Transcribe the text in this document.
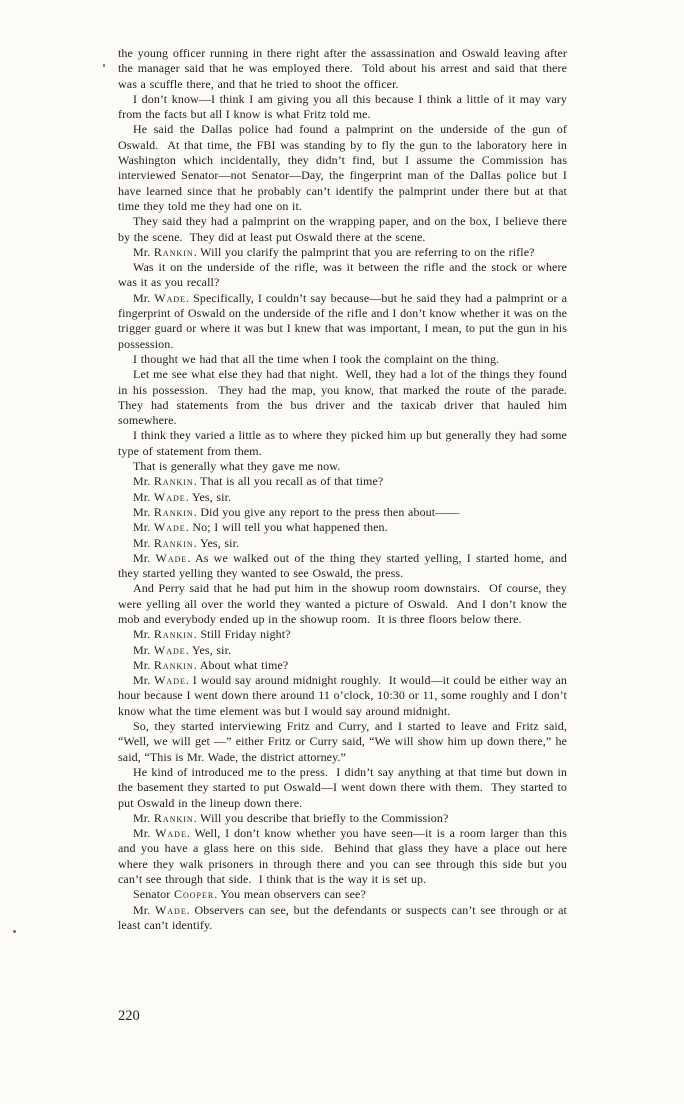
the young officer running in there right after the assassination and Oswald leaving after the manager said that he was employed there.  Told about his arrest and said that there was a scuffle there, and that he tried to shoot the officer.

I don’t know—I think I am giving you all this because I think a little of it may vary from the facts but all I know is what Fritz told me.

He said the Dallas police had found a palmprint on the underside of the gun of Oswald.  At that time, the FBI was standing by to fly the gun to the laboratory here in Washington which incidentally, they didn’t find, but I assume the Commission has interviewed Senator—not Senator—Day, the fingerprint man of the Dallas police but I have learned since that he probably can’t identify the palmprint under there but at that time they told me they had one on it.

They said they had a palmprint on the wrapping paper, and on the box, I believe there by the scene.  They did at least put Oswald there at the scene.

Mr. Rankin. Will you clarify the palmprint that you are referring to on the rifle?

Was it on the underside of the rifle, was it between the rifle and the stock or where was it as you recall?

Mr. Wade. Specifically, I couldn’t say because—but he said they had a palmprint or a fingerprint of Oswald on the underside of the rifle and I don’t know whether it was on the trigger guard or where it was but I knew that was important, I mean, to put the gun in his possession.

I thought we had that all the time when I took the complaint on the thing.

Let me see what else they had that night.  Well, they had a lot of the things they found in his possession.  They had the map, you know, that marked the route of the parade.  They had statements from the bus driver and the taxicab driver that hauled him somewhere.

I think they varied a little as to where they picked him up but generally they had some type of statement from them.

That is generally what they gave me now.

Mr. Rankin. That is all you recall as of that time?

Mr. Wade. Yes, sir.

Mr. Rankin. Did you give any report to the press then about——

Mr. Wade. No; I will tell you what happened then.

Mr. Rankin. Yes, sir.

Mr. Wade. As we walked out of the thing they started yelling, I started home, and they started yelling they wanted to see Oswald, the press.

And Perry said that he had put him in the showup room downstairs.  Of course, they were yelling all over the world they wanted a picture of Oswald.  And I don’t know the mob and everybody ended up in the showup room.  It is three floors below there.

Mr. Rankin. Still Friday night?

Mr. Wade. Yes, sir.

Mr. Rankin. About what time?

Mr. Wade. I would say around midnight roughly.  It would—it could be either way an hour because I went down there around 11 o’clock, 10:30 or 11, some roughly and I don’t know what the time element was but I would say around midnight.

So, they started interviewing Fritz and Curry, and I started to leave and Fritz said, “Well, we will get —” either Fritz or Curry said, “We will show him up down there,” he said, “This is Mr. Wade, the district attorney.”

He kind of introduced me to the press.  I didn’t say anything at that time but down in the basement they started to put Oswald—I went down there with them.  They started to put Oswald in the lineup down there.

Mr. Rankin. Will you describe that briefly to the Commission?

Mr. Wade. Well, I don’t know whether you have seen—it is a room larger than this and you have a glass here on this side.  Behind that glass they have a place out here where they walk prisoners in through there and you can see through this side but you can’t see through that side.  I think that is the way it is set up.

Senator Cooper. You mean observers can see?

Mr. Wade. Observers can see, but the defendants or suspects can’t see through or at least can’t identify.

220
